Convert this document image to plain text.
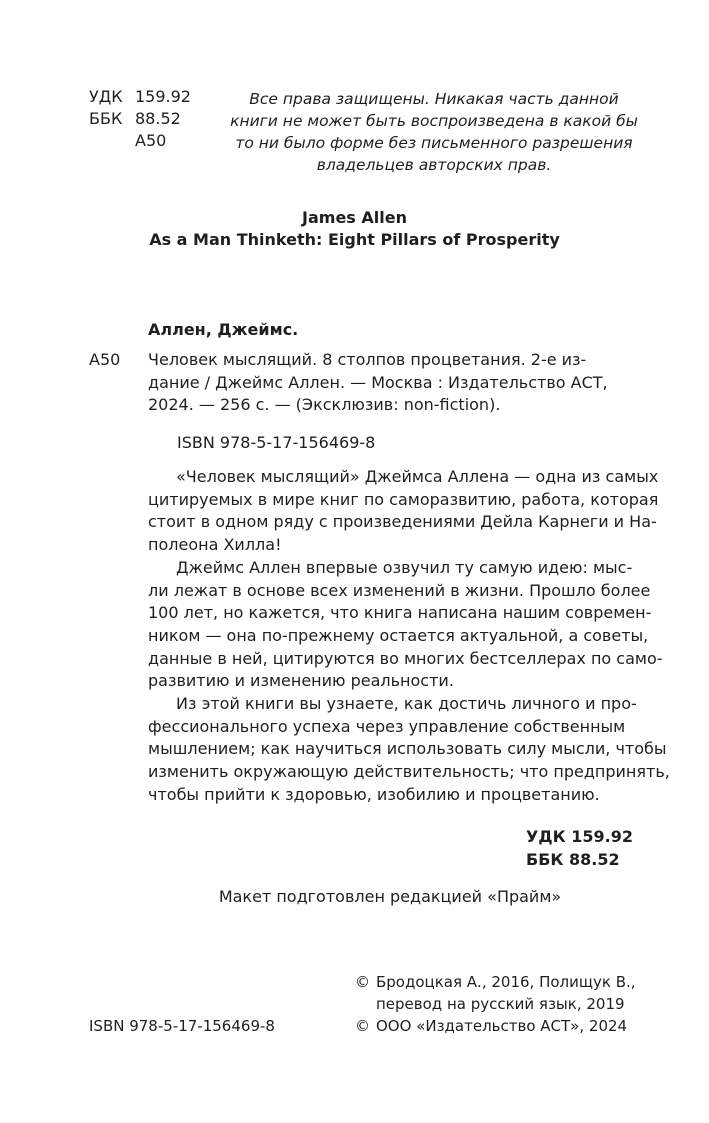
УДК 159.92
ББК 88.52
А50
Все права защищены. Никакая часть данной
книги не может быть воспроизведена в какой бы
то ни было форме без письменного разрешения
владельцев авторских прав.
James Allen
As a Man Thinketh: Eight Pillars of Prosperity
Аллен, Джеймс.
А50 Человек мыслящий. 8 столпов процветания. 2-е из-
дание / Джеймс Аллен. — Москва : Издательство АСТ,
2024. — 256 с. — (Эксклюзив: non-fiction).
ISBN 978-5-17-156469-8
«Человек мыслящий» Джеймса Аллена — одна из самых
цитируемых в мире книг по саморазвитию, работа, которая
стоит в одном ряду с произведениями Дейла Карнеги и На-
полеона Хилла!
Джеймс Аллен впервые озвучил ту самую идею: мыс-
ли лежат в основе всех изменений в жизни. Прошло более
100 лет, но кажется, что книга написана нашим современ-
ником — она по-прежнему остается актуальной, а советы,
данные в ней, цитируются во многих бестселлерах по само-
развитию и изменению реальности.
Из этой книги вы узнаете, как достичь личного и про-
фессионального успеха через управление собственным
мышлением; как научиться использовать силу мысли, чтобы
изменить окружающую действительность; что предпринять,
чтобы прийти к здоровью, изобилию и процветанию.
УДК 159.92
ББК 88.52
Макет подготовлен редакцией «Прайм»
© Бродоцкая А., 2016, Полищук В.,
перевод на русский язык, 2019
© ООО «Издательство АСТ», 2024
ISBN 978-5-17-156469-8
